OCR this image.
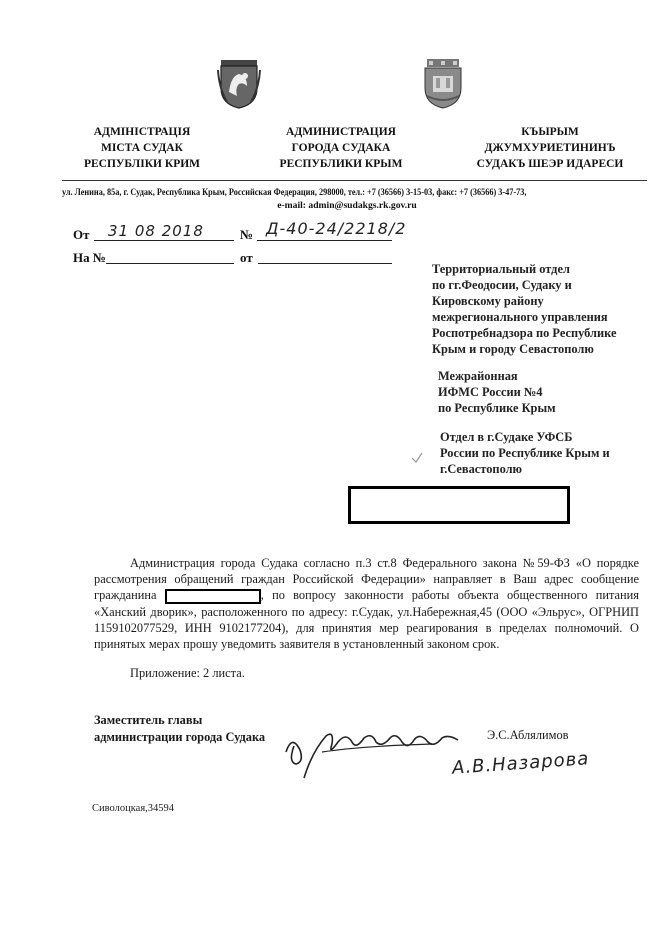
АДМІНІСТРАЦІЯ
МІСТА СУДАК
РЕСПУБЛІКИ КРИМ
АДМИНИСТРАЦИЯ
ГОРОДА СУДАКА
РЕСПУБЛИКИ КРЫМ
КЪЫРЫМ
ДЖУМХУРИЕТИНИНЪ
СУДАКЪ ШЕЭР ИДАРЕСИ
ул. Ленина, 85а, г. Судак, Республика Крым, Российская Федерация, 298000, тел.: +7 (36566) 3-15-03, факс: +7 (36566) 3-47-73,
e-mail: admin@sudakgs.rk.gov.ru
От 31 08 2018	№ Д-40-24/2218/2
На №	от
Территориальный отдел
по гг.Феодосии, Судаку и
Кировскому району
межрегионального управления
Роспотребнадзора по Республике
Крым и городу Севастополю
Межрайонная
ИФМС России №4
по Республике Крым
Отдел в г.Судаке УФСБ
России по Республике Крым и
г.Севастополю

Администрация города Судака согласно п.3 ст.8 Федерального закона №59-ФЗ «О порядке рассмотрения обращений граждан Российской Федерации» направляет в Ваш адрес сообщение гражданина	, по вопросу законности работы объекта общественного питания «Ханский дворик», расположенного по адресу: г.Судак, ул.Набережная,45 (ООО «Эльрус», ОГРНИП 1159102077529, ИНН 9102177204), для принятия мер реагирования в пределах полномочий. О принятых мерах прошу уведомить заявителя в установленный законом срок.

Приложение: 2 листа.
Заместитель главы
администрации города Судака	Э.С.Аблялимов
А.В.Назарова
Сиволоцкая,34594
